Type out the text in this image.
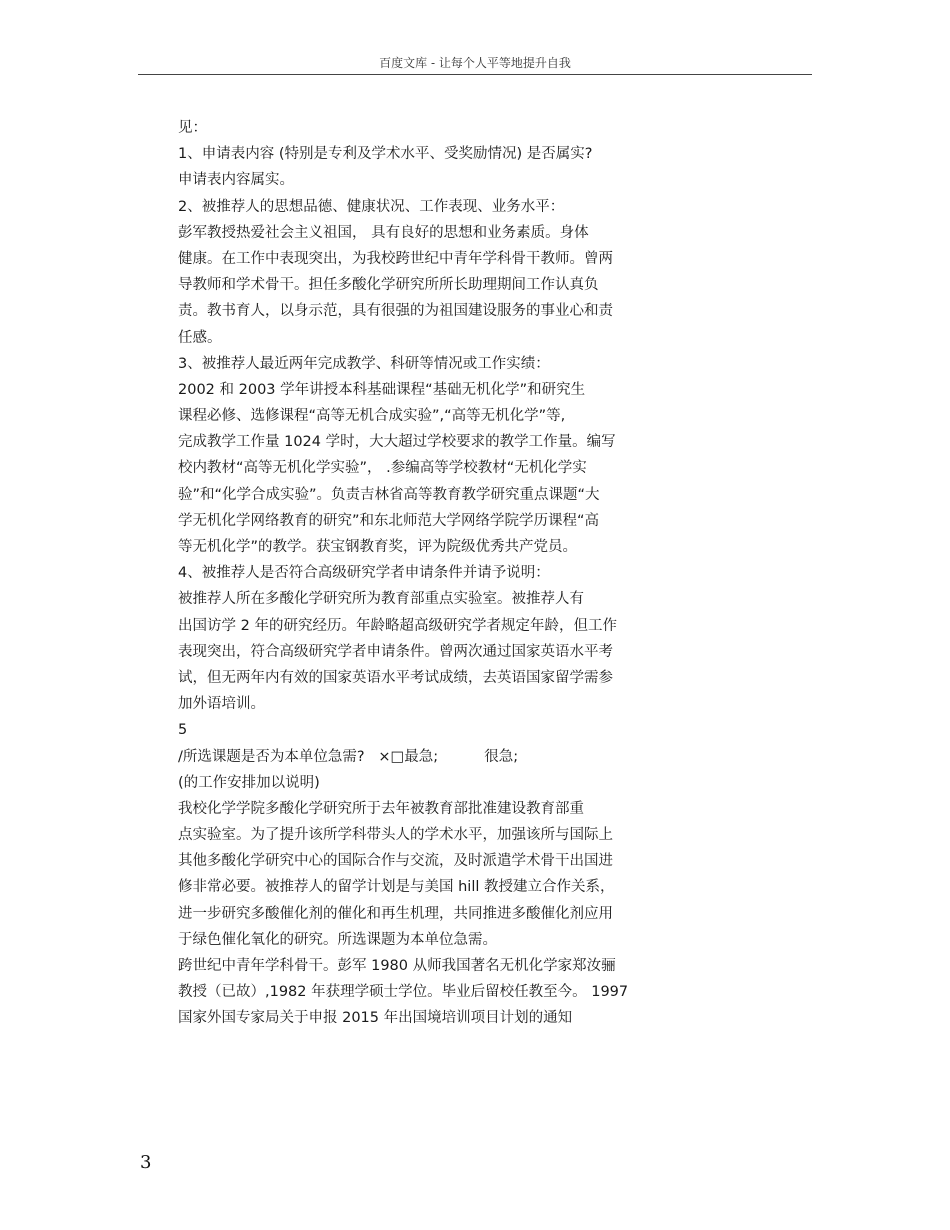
百度文库 - 让每个人平等地提升自我
见：
1、申请表内容 (特别是专利及学术水平、受奖励情况) 是否属实?
申请表内容属实。
2、被推荐人的思想品德、健康状况、工作表现、业务水平：
彭军教授热爱社会主义祖国， 具有良好的思想和业务素质。身体
健康。在工作中表现突出，为我校跨世纪中青年学科骨干教师。曾两
导教师和学术骨干。担任多酸化学研究所所长助理期间工作认真负
责。教书育人，以身示范，具有很强的为祖国建设服务的事业心和责
任感。
3、被推荐人最近两年完成教学、科研等情况或工作实绩：
2002 和 2003 学年讲授本科基础课程“基础无机化学”和研究生
课程必修、选修课程“高等无机合成实验”,“高等无机化学”等,
完成教学工作量 1024 学时，大大超过学校要求的教学工作量。编写
校内教材“高等无机化学实验”， .参编高等学校教材“无机化学实
验”和“化学合成实验”。负责吉林省高等教育教学研究重点课题“大
学无机化学网络教育的研究”和东北师范大学网络学院学历课程“高
等无机化学”的教学。获宝钢教育奖，评为院级优秀共产党员。
4、被推荐人是否符合高级研究学者申请条件并请予说明：
被推荐人所在多酸化学研究所为教育部重点实验室。被推荐人有
出国访学 2 年的研究经历。年龄略超高级研究学者规定年龄，但工作
表现突出，符合高级研究学者申请条件。曾两次通过国家英语水平考
试，但无两年内有效的国家英语水平考试成绩，去英语国家留学需参
加外语培训。
5
/所选课题是否为本单位急需?   ×□最急;          很急;
(的工作安排加以说明)
我校化学学院多酸化学研究所于去年被教育部批准建设教育部重
点实验室。为了提升该所学科带头人的学术水平，加强该所与国际上
其他多酸化学研究中心的国际合作与交流，及时派遣学术骨干出国进
修非常必要。被推荐人的留学计划是与美国 hill 教授建立合作关系，
进一步研究多酸催化剂的催化和再生机理，共同推进多酸催化剂应用
于绿色催化氧化的研究。所选课题为本单位急需。
跨世纪中青年学科骨干。彭军 1980 从师我国著名无机化学家郑汝骊
教授（已故）,1982 年获理学硕士学位。毕业后留校任教至今。 1997
国家外国专家局关于申报 2015 年出国境培训项目计划的通知
3
